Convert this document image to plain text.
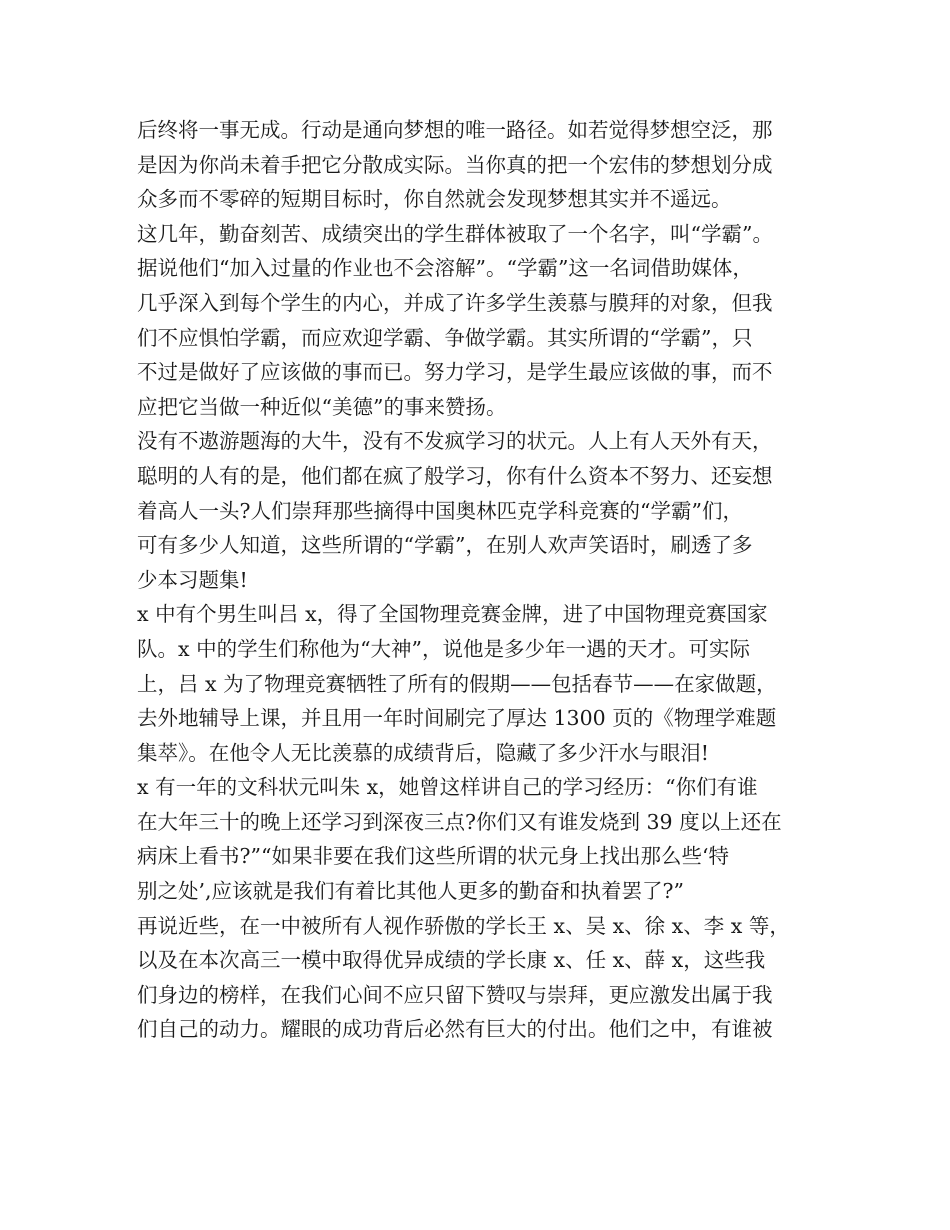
后终将一事无成。行动是通向梦想的唯一路径。如若觉得梦想空泛，那
是因为你尚未着手把它分散成实际。当你真的把一个宏伟的梦想划分成
众多而不零碎的短期目标时，你自然就会发现梦想其实并不遥远。
这几年，勤奋刻苦、成绩突出的学生群体被取了一个名字，叫“学霸”。
据说他们“加入过量的作业也不会溶解”。“学霸”这一名词借助媒体，
几乎深入到每个学生的内心，并成了许多学生羡慕与膜拜的对象，但我
们不应惧怕学霸，而应欢迎学霸、争做学霸。其实所谓的“学霸”，只
不过是做好了应该做的事而已。努力学习，是学生最应该做的事，而不
应把它当做一种近似“美德”的事来赞扬。
没有不遨游题海的大牛，没有不发疯学习的状元。人上有人天外有天，
聪明的人有的是，他们都在疯了般学习，你有什么资本不努力、还妄想
着高人一头?人们崇拜那些摘得中国奥林匹克学科竞赛的“学霸”们，
可有多少人知道，这些所谓的“学霸”，在别人欢声笑语时，刷透了多
少本习题集!
x 中有个男生叫吕 x，得了全国物理竞赛金牌，进了中国物理竞赛国家
队。x 中的学生们称他为“大神”，说他是多少年一遇的天才。可实际
上，吕 x 为了物理竞赛牺牲了所有的假期——包括春节——在家做题，
去外地辅导上课，并且用一年时间刷完了厚达 1300 页的《物理学难题
集萃》。在他令人无比羡慕的成绩背后，隐藏了多少汗水与眼泪!
x 有一年的文科状元叫朱 x，她曾这样讲自己的学习经历：“你们有谁
在大年三十的晚上还学习到深夜三点?你们又有谁发烧到 39 度以上还在
病床上看书?”“如果非要在我们这些所谓的状元身上找出那么些‘特
别之处’,应该就是我们有着比其他人更多的勤奋和执着罢了?”
再说近些，在一中被所有人视作骄傲的学长王 x、吴 x、徐 x、李 x 等，
以及在本次高三一模中取得优异成绩的学长康 x、任 x、薛 x，这些我
们身边的榜样，在我们心间不应只留下赞叹与崇拜，更应激发出属于我
们自己的动力。耀眼的成功背后必然有巨大的付出。他们之中，有谁被
